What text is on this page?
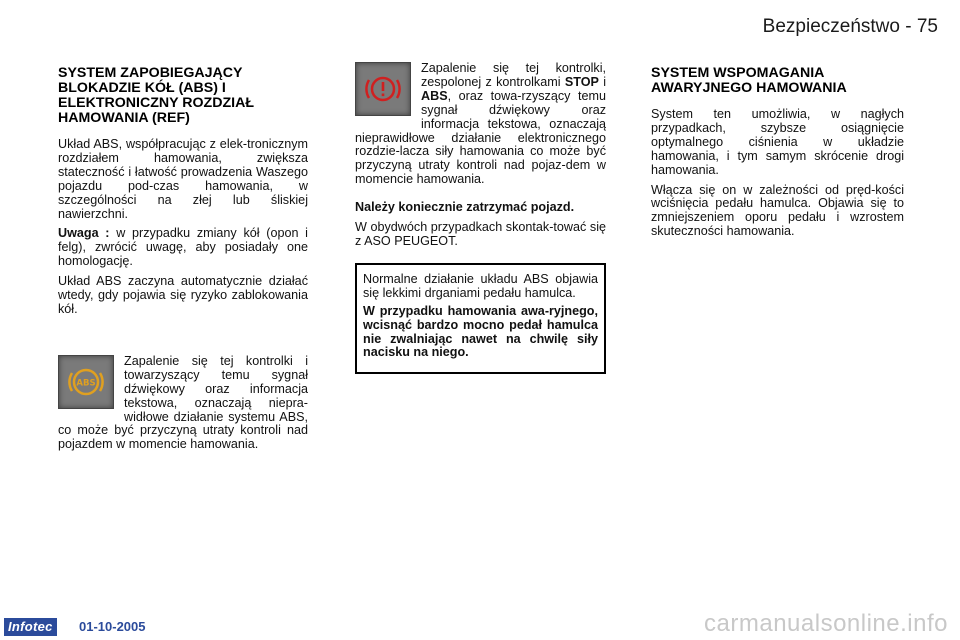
Bezpieczeństwo - 75
SYSTEM ZAPOBIEGAJĄCY
BLOKADZIE KÓŁ (ABS) I
ELEKTRONICZNY ROZDZIAŁ
HAMOWANIA (REF)

Układ ABS, współpracując z elek-tronicznym rozdziałem hamowania, zwiększa stateczność i łatwość prowadzenia Waszego pojazdu pod-czas hamowania, w szczególności na złej lub śliskiej nawierzchni.

Uwaga : w przypadku zmiany kół (opon i felg), zwrócić uwagę, aby posiadały one homologację.

Układ ABS zaczyna automatycznie działać wtedy, gdy pojawia się ryzyko zablokowania kół.

ABS

Zapalenie się tej kontrolki i towarzyszący temu sygnał dźwiękowy oraz informacja tekstowa, oznaczają niepra-widłowe działanie systemu ABS, co może być przyczyną utraty kontroli nad pojazdem w momencie hamowania.

Zapalenie się tej kontrolki, zespolonej z kontrolkami STOP i ABS, oraz towa-rzyszący temu sygnał dźwiękowy oraz informacja tekstowa, oznaczają nieprawidłowe działanie elektronicznego rozdzie-lacza siły hamowania co może być przyczyną utraty kontroli nad pojaz-dem w momencie hamowania.

Należy koniecznie zatrzymać pojazd.

W obydwóch przypadkach skontak-tować się z ASO PEUGEOT.

Normalne działanie układu ABS objawia się lekkimi drganiami pedału hamulca.

W przypadku hamowania awa-ryjnego, wcisnąć bardzo mocno pedał hamulca nie zwalniając nawet na chwilę siły nacisku na niego.

SYSTEM WSPOMAGANIA
AWARYJNEGO HAMOWANIA

System ten umożliwia, w nagłych przypadkach, szybsze osiągnięcie optymalnego ciśnienia w układzie hamowania, i tym samym skrócenie drogi hamowania.

Włącza się on w zależności od pręd-kości wciśnięcia pedału hamulca. Objawia się to zmniejszeniem oporu pedału i wzrostem skuteczności hamowania.

Infotec	01-10-2005	carmanualsonline.info
